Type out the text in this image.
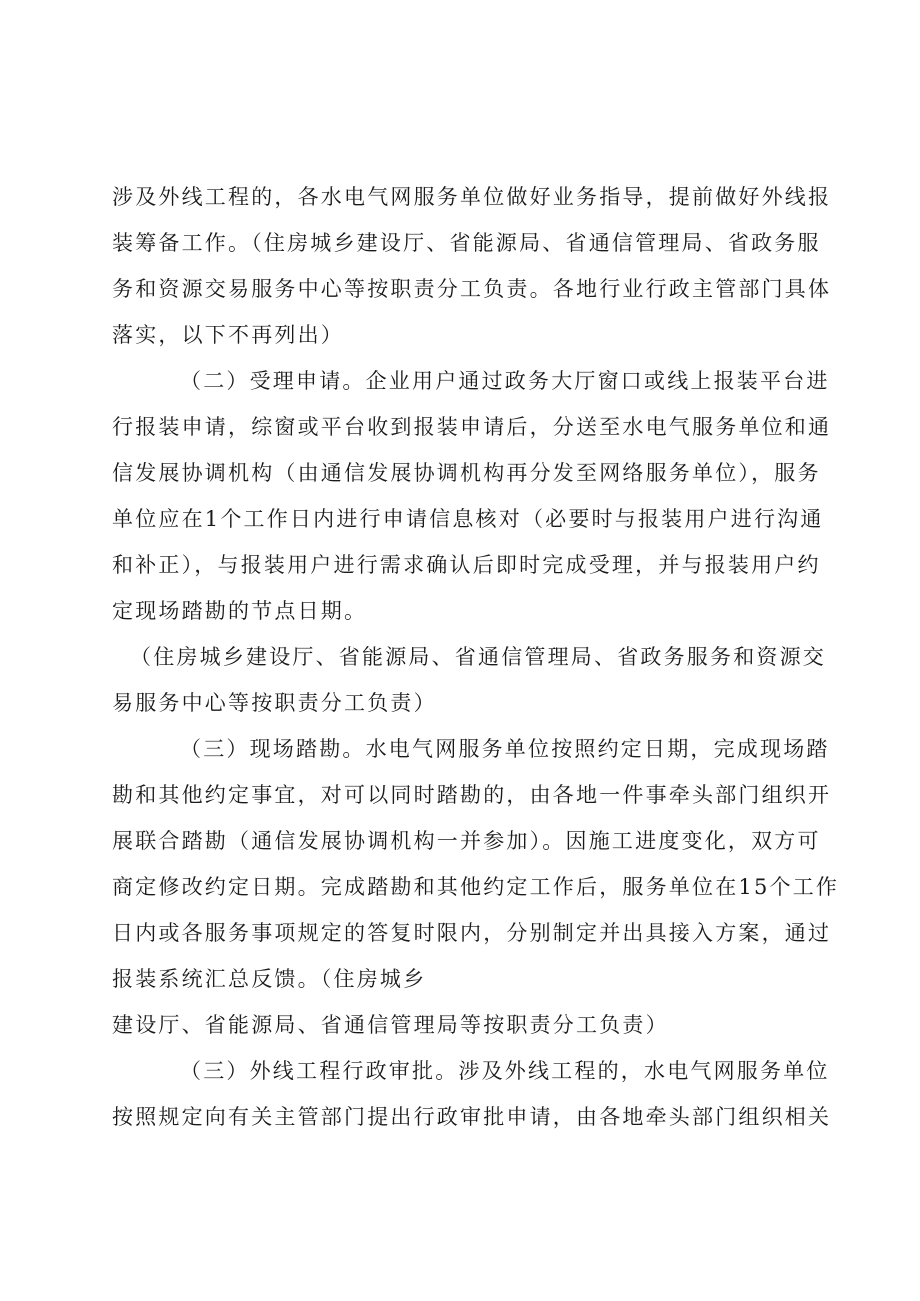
涉及外线工程的，各水电气网服务单位做好业务指导，提前做好外线报
装筹备工作。（住房城乡建设厅、省能源局、省通信管理局、省政务服
务和资源交易服务中心等按职责分工负责。各地行业行政主管部门具体
落实，以下不再列出）
（二）受理申请。企业用户通过政务大厅窗口或线上报装平台进
行报装申请，综窗或平台收到报装申请后，分送至水电气服务单位和通
信发展协调机构（由通信发展协调机构再分发至网络服务单位），服务
单位应在1个工作日内进行申请信息核对（必要时与报装用户进行沟通
和补正），与报装用户进行需求确认后即时完成受理，并与报装用户约
定现场踏勘的节点日期。
（住房城乡建设厅、省能源局、省通信管理局、省政务服务和资源交
易服务中心等按职责分工负责）
（三）现场踏勘。水电气网服务单位按照约定日期，完成现场踏
勘和其他约定事宜，对可以同时踏勘的，由各地一件事牵头部门组织开
展联合踏勘（通信发展协调机构一并参加）。因施工进度变化，双方可
商定修改约定日期。完成踏勘和其他约定工作后，服务单位在15个工作
日内或各服务事项规定的答复时限内，分别制定并出具接入方案，通过
报装系统汇总反馈。（住房城乡
建设厅、省能源局、省通信管理局等按职责分工负责）
（三）外线工程行政审批。涉及外线工程的，水电气网服务单位
按照规定向有关主管部门提出行政审批申请，由各地牵头部门组织相关
